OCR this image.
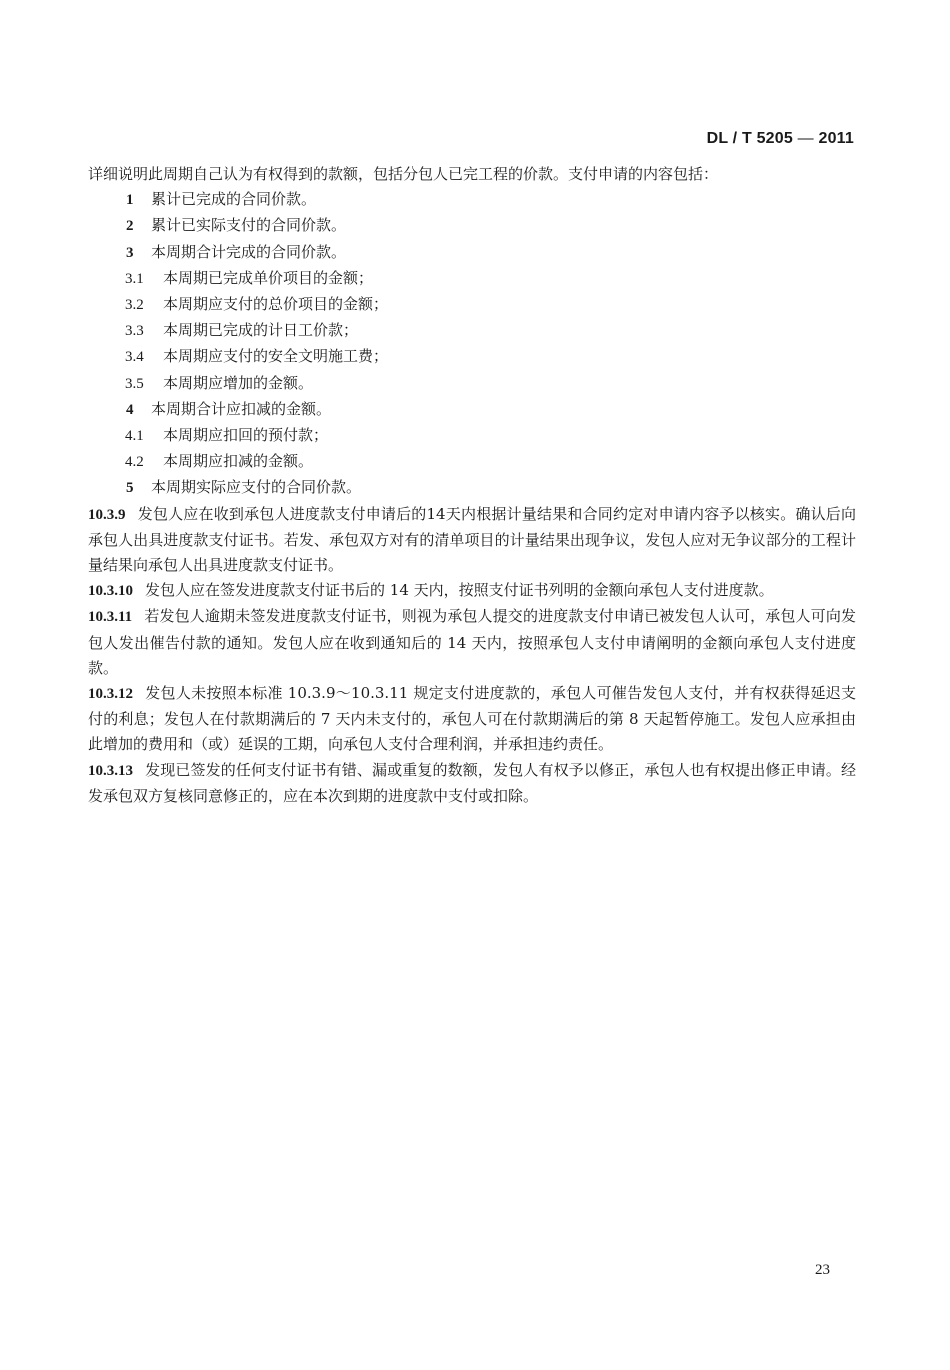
DL / T 5205 — 2011

详细说明此周期自己认为有权得到的款额，包括分包人已完工程的价款。支付申请的内容包括：

1	累计已完成的合同价款。
2	累计已实际支付的合同价款。
3	本周期合计完成的合同价款。
3.1	本周期已完成单价项目的金额；
3.2	本周期应支付的总价项目的金额；
3.3	本周期已完成的计日工价款；
3.4	本周期应支付的安全文明施工费；
3.5	本周期应增加的金额。
4	本周期合计应扣减的金额。
4.1	本周期应扣回的预付款；
4.2	本周期应扣减的金额。
5	本周期实际应支付的合同价款。

10.3.9 发包人应在收到承包人进度款支付申请后的14天内根据计量结果和合同约定对申请内容予以核实。确认后向承包人出具进度款支付证书。若发、承包双方对有的清单项目的计量结果出现争议，发包人应对无争议部分的工程计量结果向承包人出具进度款支付证书。

10.3.10 发包人应在签发进度款支付证书后的 14 天内，按照支付证书列明的金额向承包人支付进度款。

10.3.11 若发包人逾期未签发进度款支付证书，则视为承包人提交的进度款支付申请已被发包人认可，承包人可向发包人发出催告付款的通知。发包人应在收到通知后的 14 天内，按照承包人支付申请阐明的金额向承包人支付进度款。

10.3.12 发包人未按照本标准 10.3.9～10.3.11 规定支付进度款的，承包人可催告发包人支付，并有权获得延迟支付的利息；发包人在付款期满后的 7 天内未支付的，承包人可在付款期满后的第 8 天起暂停施工。发包人应承担由此增加的费用和（或）延误的工期，向承包人支付合理利润，并承担违约责任。

10.3.13 发现已签发的任何支付证书有错、漏或重复的数额，发包人有权予以修正，承包人也有权提出修正申请。经发承包双方复核同意修正的，应在本次到期的进度款中支付或扣除。

23
